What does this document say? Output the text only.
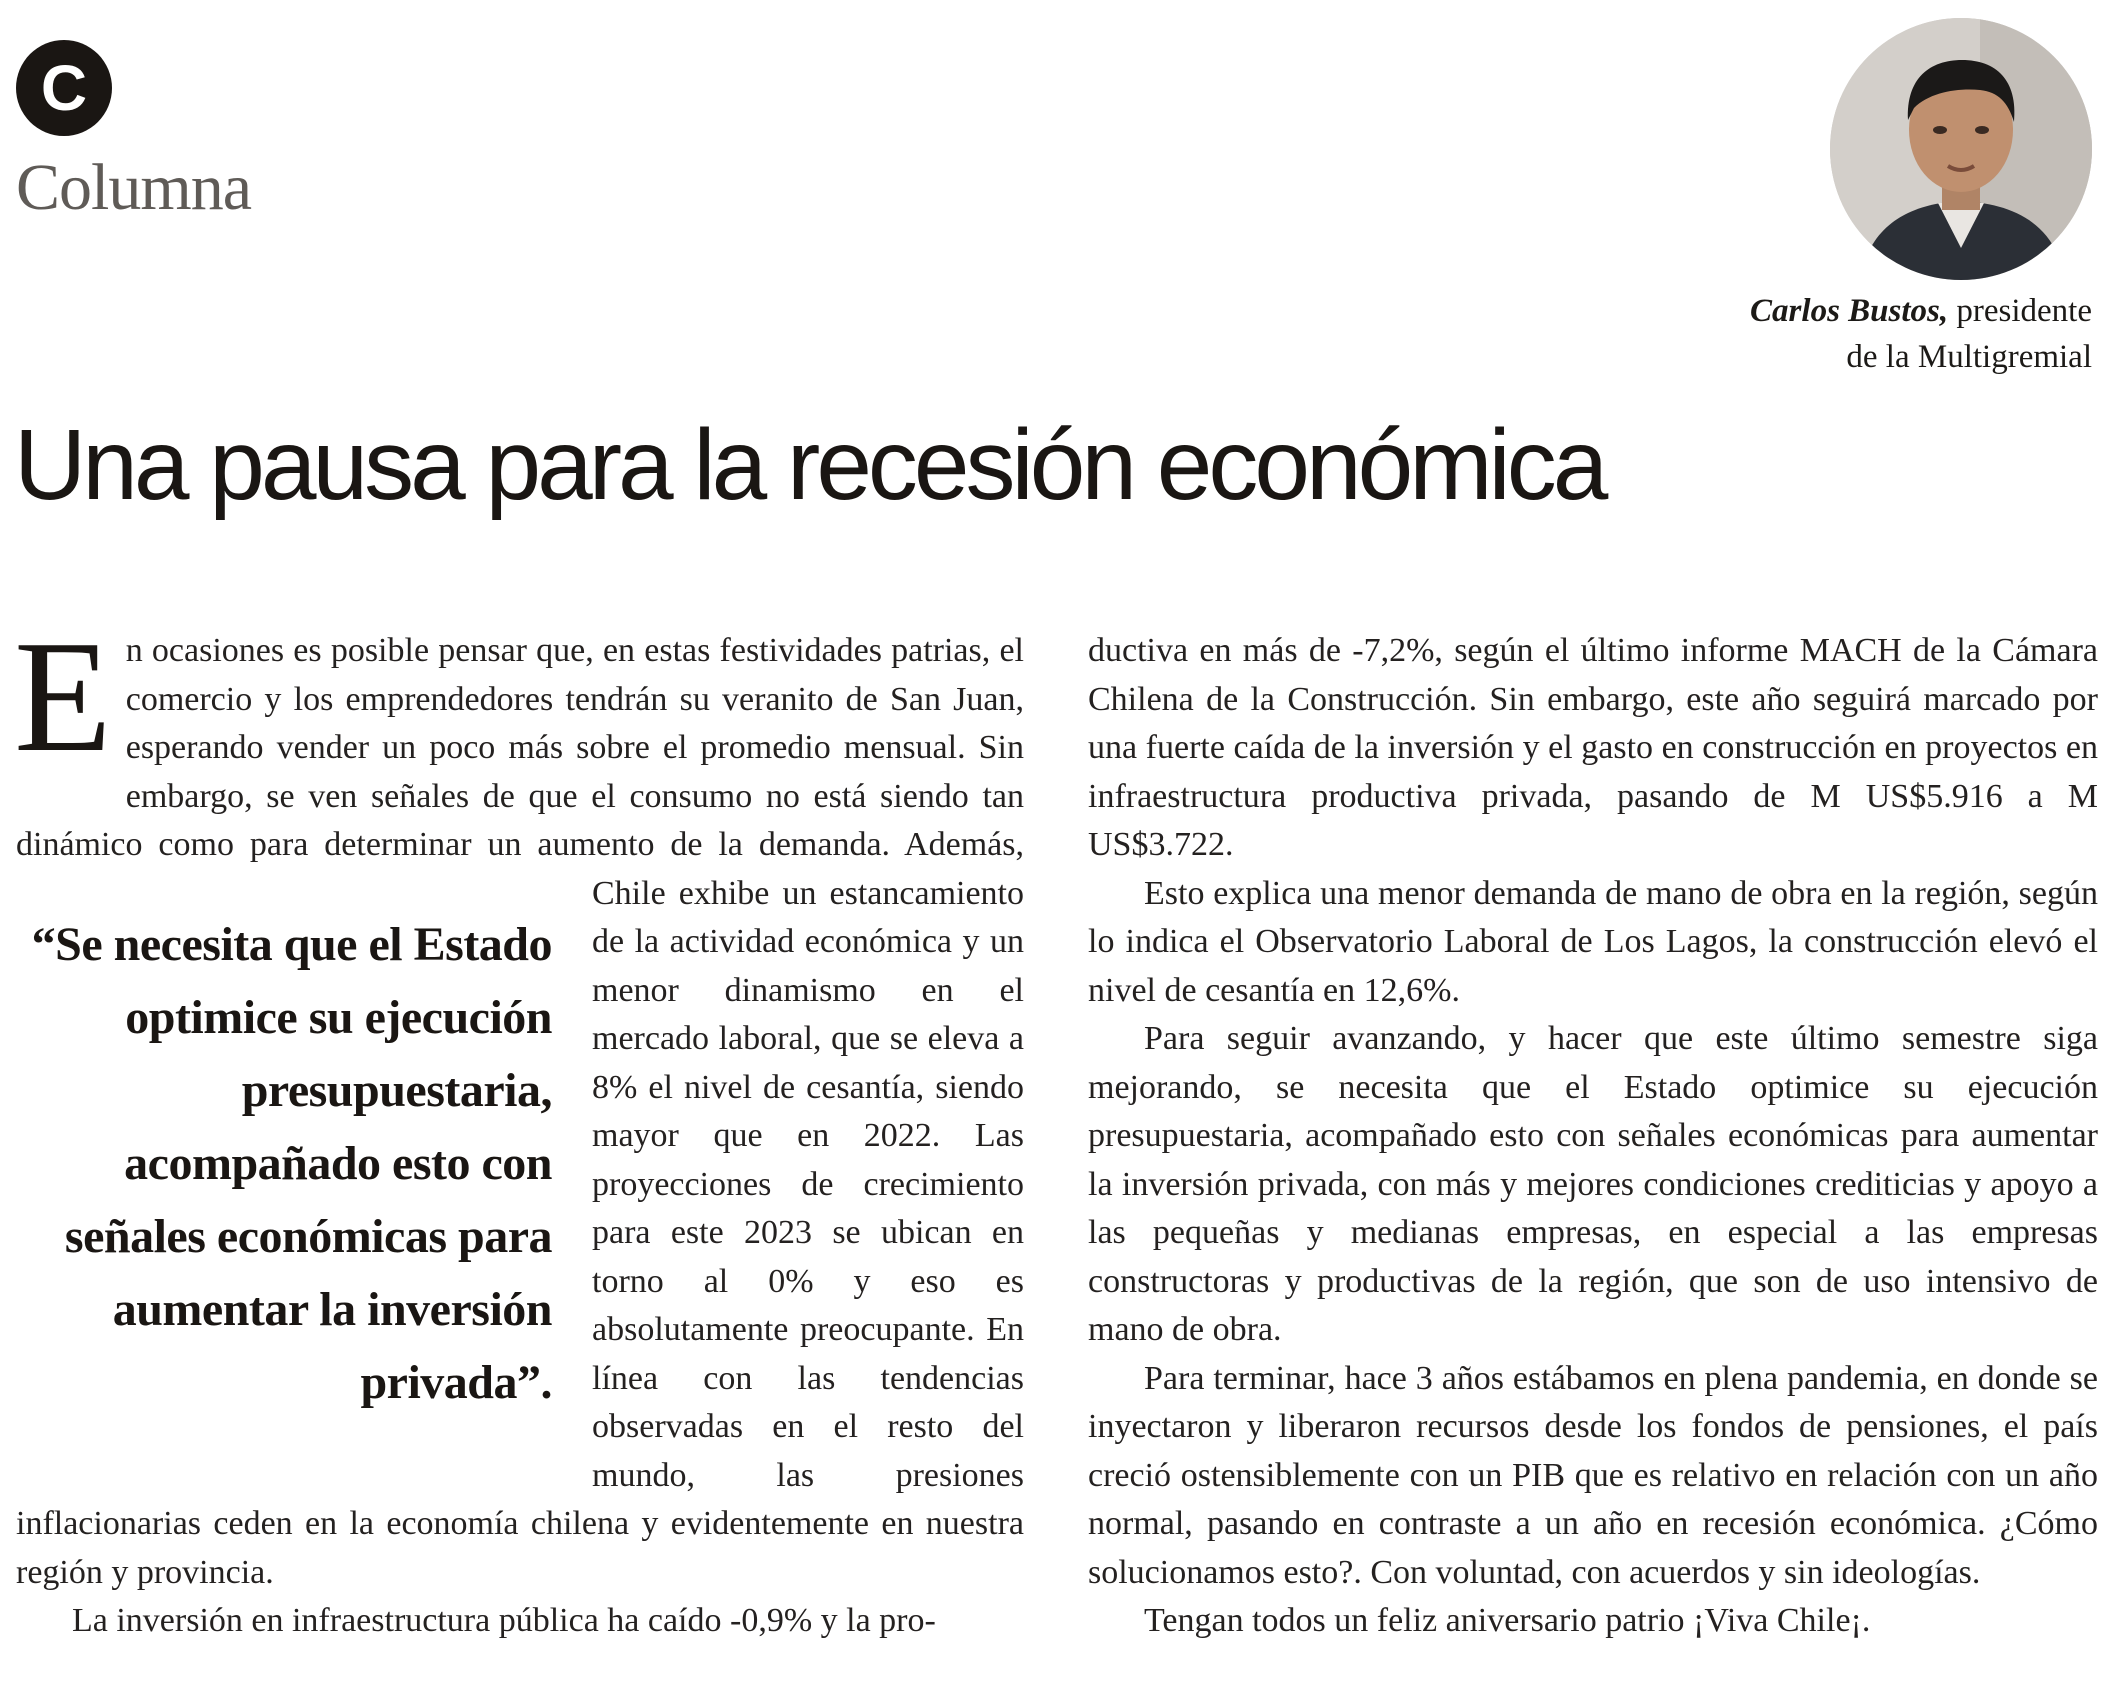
C
Columna
Carlos Bustos, presidente
de la Multigremial
Una pausa para la recesión económica
E n ocasiones es posible pensar que, en estas festividades patrias, el comercio y los emprendedores tendrán su veranito de San Juan, esperando vender un poco más sobre el promedio mensual. Sin embargo, se ven señales de que el consumo no está siendo tan dinámico como para determinar un aumento de la
“Se necesita que el Estado optimice su ejecución presupuestaria, acompañado esto con señales económicas para aumentar la inversión privada”.
demanda. Además, Chile exhibe un estancamiento de la actividad económica y un menor dinamismo en el mercado laboral, que se eleva a 8% el nivel de cesantía, siendo mayor que en 2022. Las proyecciones de crecimiento para este 2023 se ubican en torno al 0% y eso es absolutamente preocupante. En línea con las tendencias observadas en el resto del mundo, las presiones inflacionarias ceden en la economía chilena y evidentemente en nuestra región y provincia.

La inversión en infraestructura pública ha caído -0,9% y la pro-

ductiva en más de -7,2%, según el último informe MACH de la Cámara Chilena de la Construcción. Sin embargo, este año seguirá marcado por una fuerte caída de la inversión y el gasto en construcción en proyectos en infraestructura productiva privada, pasando de M US$5.916 a M US$3.722.

Esto explica una menor demanda de mano de obra en la región, según lo indica el Observatorio Laboral de Los Lagos, la construcción elevó el nivel de cesantía en 12,6%.

Para seguir avanzando, y hacer que este último semestre siga mejorando, se necesita que el Estado optimice su ejecución presupuestaria, acompañado esto con señales económicas para aumentar la inversión privada, con más y mejores condiciones crediticias y apoyo a las pequeñas y medianas empresas, en especial a las empresas constructoras y productivas de la región, que son de uso intensivo de mano de obra.

Para terminar, hace 3 años estábamos en plena pandemia, en donde se inyectaron y liberaron recursos desde los fondos de pensiones, el país creció ostensiblemente con un PIB que es relativo en relación con un año normal, pasando en contraste a un año en recesión económica. ¿Cómo solucionamos esto?. Con voluntad, con acuerdos y sin ideologías.

Tengan todos un feliz aniversario patrio ¡Viva Chile¡.
